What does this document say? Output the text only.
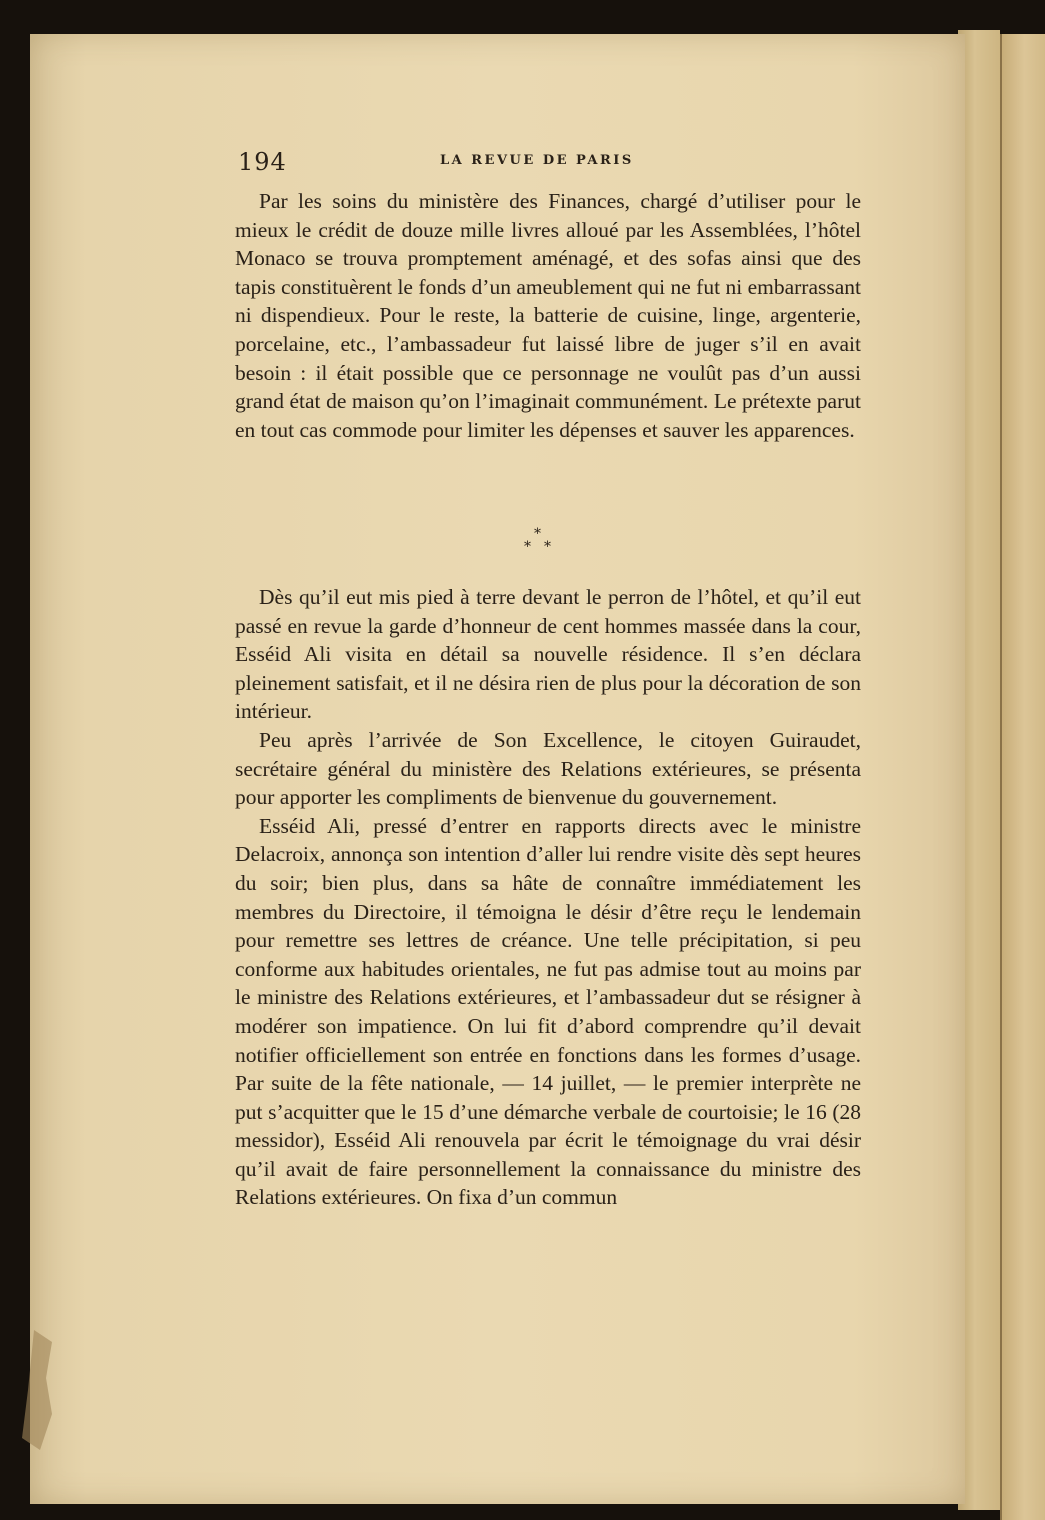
194	LA REVUE DE PARIS

Par les soins du ministère des Finances, chargé d’utiliser pour le mieux le crédit de douze mille livres alloué par les Assemblées, l’hôtel Monaco se trouva promptement aménagé, et des sofas ainsi que des tapis constituèrent le fonds d’un ameublement qui ne fut ni embarrassant ni dispendieux. Pour le reste, la batterie de cuisine, linge, argenterie, porcelaine, etc., l’ambassadeur fut laissé libre de juger s’il en avait besoin : il était possible que ce personnage ne voulût pas d’un aussi grand état de maison qu’on l’imaginait communément. Le prétexte parut en tout cas commode pour limiter les dépenses et sauver les apparences.

*
* *

Dès qu’il eut mis pied à terre devant le perron de l’hôtel, et qu’il eut passé en revue la garde d’honneur de cent hommes massée dans la cour, Esséid Ali visita en détail sa nouvelle résidence. Il s’en déclara pleinement satisfait, et il ne désira rien de plus pour la décoration de son intérieur.

Peu après l’arrivée de Son Excellence, le citoyen Guiraudet, secrétaire général du ministère des Relations extérieures, se présenta pour apporter les compliments de bienvenue du gouvernement.

Esséid Ali, pressé d’entrer en rapports directs avec le ministre Delacroix, annonça son intention d’aller lui rendre visite dès sept heures du soir; bien plus, dans sa hâte de connaître immédiatement les membres du Directoire, il témoigna le désir d’être reçu le lendemain pour remettre ses lettres de créance. Une telle précipitation, si peu conforme aux habitudes orientales, ne fut pas admise tout au moins par le ministre des Relations extérieures, et l’ambassadeur dut se résigner à modérer son impatience. On lui fit d’abord comprendre qu’il devait notifier officiellement son entrée en fonctions dans les formes d’usage. Par suite de la fête nationale, — 14 juillet, — le premier interprète ne put s’acquitter que le 15 d’une démarche verbale de courtoisie; le 16 (28 messidor), Esséid Ali renouvela par écrit le témoignage du vrai désir qu’il avait de faire personnellement la connaissance du ministre des Relations extérieures. On fixa d’un commun
